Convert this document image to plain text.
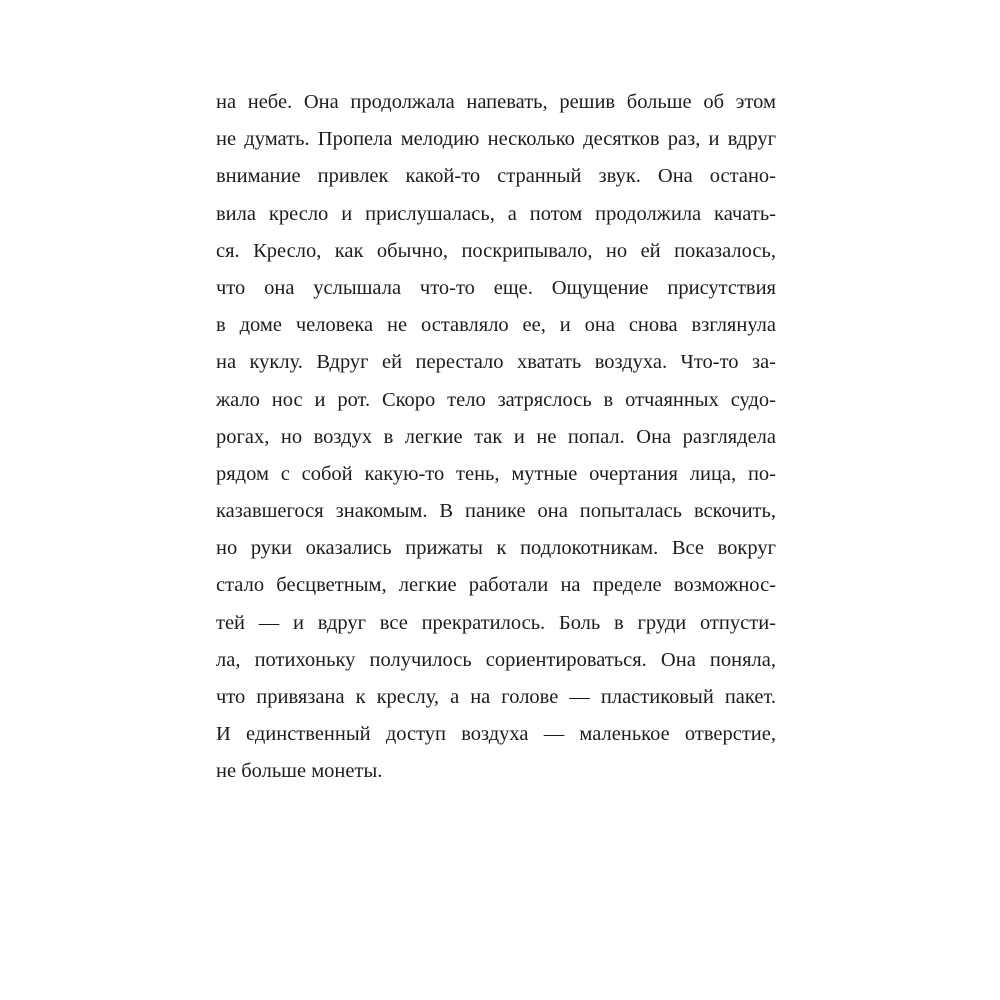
на небе. Она продолжала напевать, решив больше об этом
не думать. Пропела мелодию несколько десятков раз, и вдруг
внимание привлек какой-то странный звук. Она останo-
вила кресло и прислушалась, а потом продолжила качать-
ся. Кресло, как обычно, поскрипывало, но ей показалось,
что она услышала что-то еще. Ощущение присутствия
в доме человека не оставляло ее, и она снова взглянула
на куклу. Вдруг ей перестало хватать воздуха. Что-то за-
жало нос и рот. Скоро тело затряслось в отчаянных судо-
рогах, но воздух в легкие так и не попал. Она разглядела
рядом с собой какую-то тень, мутные очертания лица, по-
казавшегося знакомым. В панике она попыталась вскочить,
но руки оказались прижаты к подлокотникам. Все вокруг
стало бесцветным, легкие работали на пределе возможнос-
тей — и вдруг все прекратилось. Боль в груди отпусти-
ла, потихоньку получилось сориентироваться. Она поняла,
что привязана к креслу, а на голове — пластиковый пакет.
И единственный доступ воздуха — маленькое отверстие,
не больше монеты.
